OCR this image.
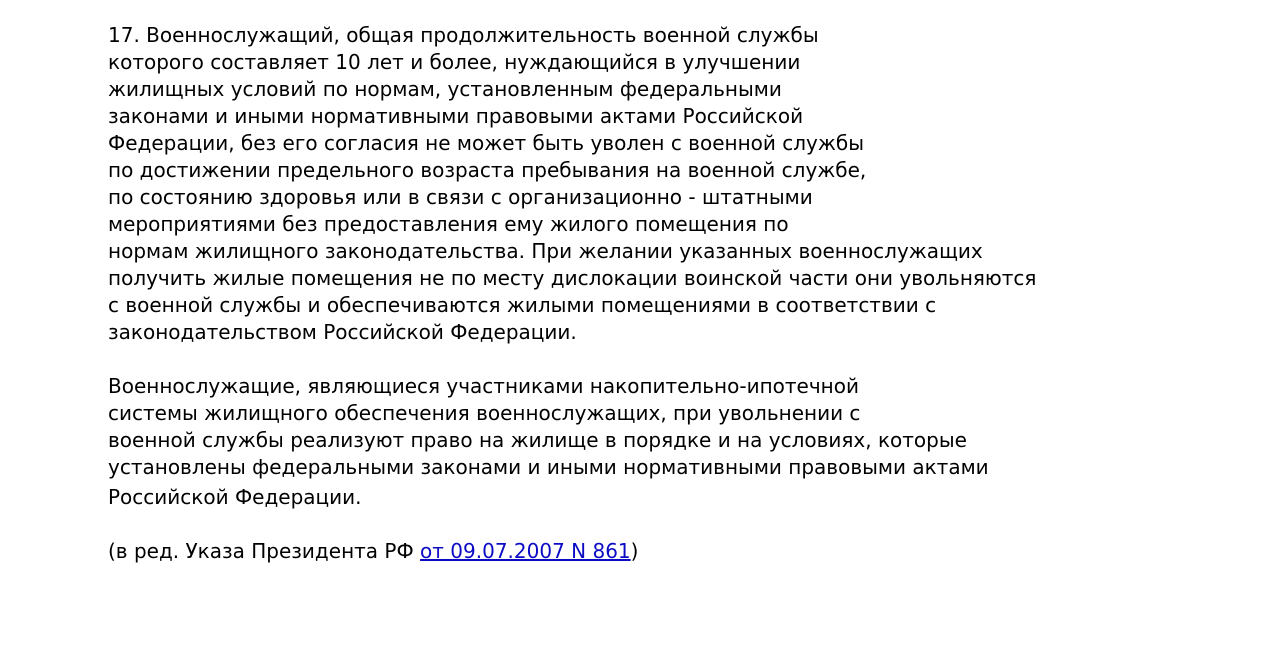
17. Военнослужащий, общая продолжительность военной службы
которого составляет 10 лет и более, нуждающийся в улучшении
жилищных условий по нормам, установленным федеральными
законами и иными нормативными правовыми актами Российской
Федерации, без его согласия не может быть уволен с военной службы
по достижении предельного возраста пребывания на военной службе,
по состоянию здоровья или в связи с организационно - штатными
мероприятиями без предоставления ему жилого помещения по
нормам жилищного законодательства. При желании указанных военнослужащих
получить жилые помещения не по месту дислокации воинской части они увольняются
с военной службы и обеспечиваются жилыми помещениями в соответствии с
законодательством Российской Федерации.

Военнослужащие, являющиеся участниками накопительно-ипотечной
системы жилищного обеспечения военнослужащих, при увольнении с
военной службы реализуют право на жилище в порядке и на условиях, которые
установлены федеральными законами и иными нормативными правовыми актами
Российской Федерации.

(в ред. Указа Президента РФ от 09.07.2007 N 861)
